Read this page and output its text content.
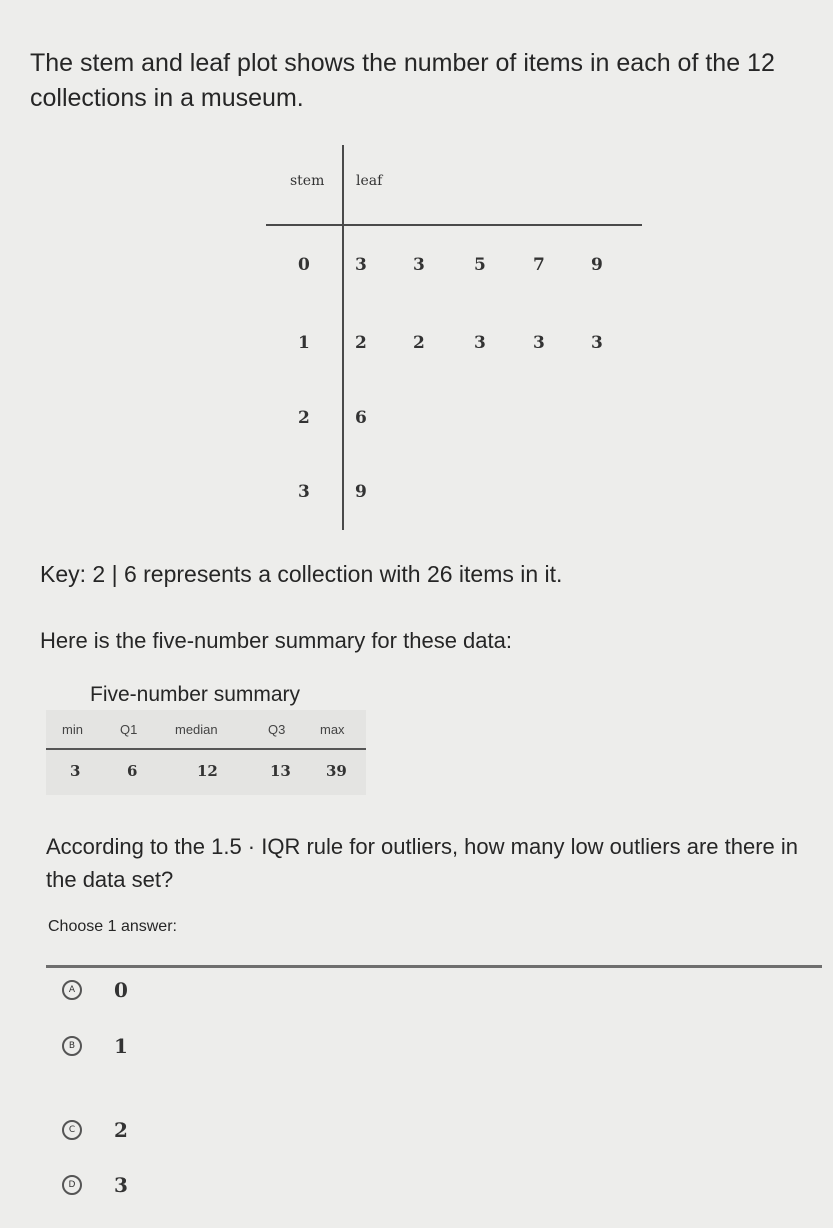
The stem and leaf plot shows the number of items in each of the 12 collections in a museum.
stem leaf
0	3	3	5	7	9
1	2	2	3	3	3
2	6
3	9
Key: 2 | 6 represents a collection with 26 items in it.
Here is the five-number summary for these data:
Five-number summary
min	Q1	median	Q3	max
3	6	12	13 39
According to the 1.5 · IQR rule for outliers, how many low outliers are there in the data set?
Choose 1 answer:
A	0
B	1
C	2
D	3
